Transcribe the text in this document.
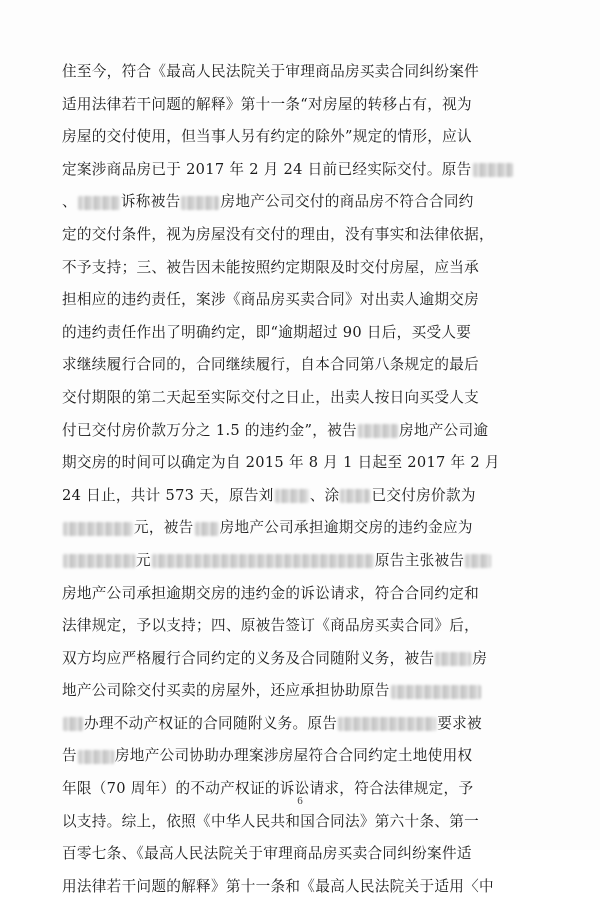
住至今，符合《最高人民法院关于审理商品房买卖合同纠纷案件
适用法律若干问题的解释》第十一条“对房屋的转移占有，视为
房屋的交付使用，但当事人另有约定的除外”规定的情形，应认
定案涉商品房已于 2017 年 2 月 24 日前已经实际交付。原告
、	诉称被告	房地产公司交付的商品房不符合合同约
定的交付条件，视为房屋没有交付的理由，没有事实和法律依据，
不予支持；三、被告因未能按照约定期限及时交付房屋，应当承
担相应的违约责任，案涉《商品房买卖合同》对出卖人逾期交房
的违约责任作出了明确约定，即“逾期超过 90 日后，买受人要
求继续履行合同的，合同继续履行，自本合同第八条规定的最后
交付期限的第二天起至实际交付之日止，出卖人按日向买受人支
付已交付房价款万分之 1.5 的违约金”，被告	房地产公司逾
期交房的时间可以确定为自 2015 年 8 月 1 日起至 2017 年 2 月
24 日止，共计 573 天，原告刘 、涂 已交付房价款为
元，被告 房地产公司承担逾期交房的违约金应为
元	原告主张被告
房地产公司承担逾期交房的违约金的诉讼请求，符合合同约定和
法律规定，予以支持；四、原被告签订《商品房买卖合同》后，
双方均应严格履行合同约定的义务及合同随附义务，被告	房
地产公司除交付买卖的房屋外，还应承担协助原告
办理不动产权证的合同随附义务。原告	要求被
告	房地产公司协助办理案涉房屋符合合同约定土地使用权
年限（70 周年）的不动产权证的诉讼请求，符合法律规定，予
以支持。综上，依照《中华人民共和国合同法》第六十条、第一
百零七条、《最高人民法院关于审理商品房买卖合同纠纷案件适
用法律若干问题的解释》第十一条和《最高人民法院关于适用〈中
6
